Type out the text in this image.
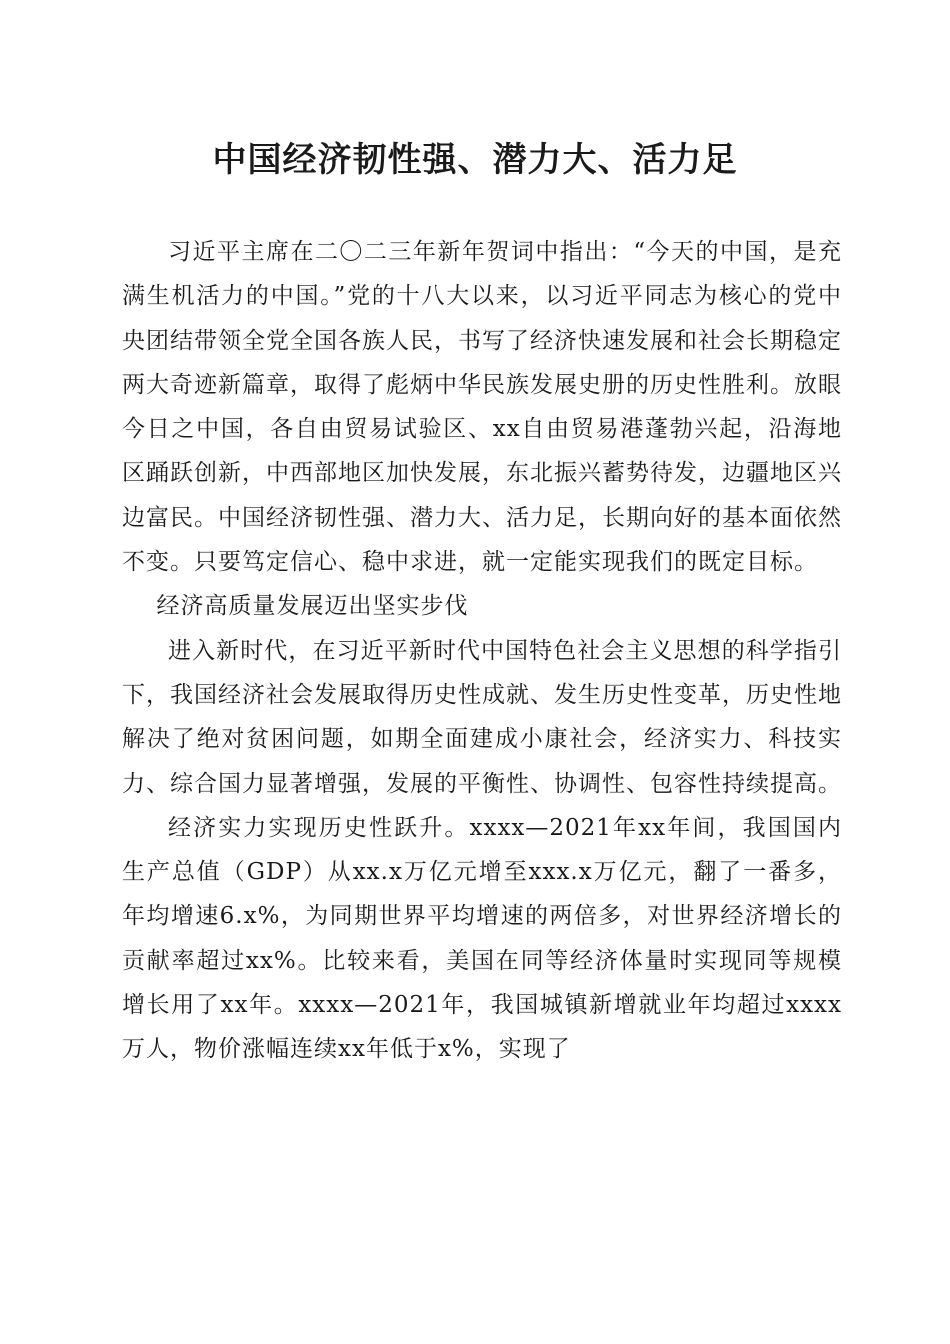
中国经济韧性强、潜力大、活力足

习近平主席在二〇二三年新年贺词中指出：“今天的中国，是充满生机活力的中国。”党的十八大以来，以习近平同志为核心的党中央团结带领全党全国各族人民，书写了经济快速发展和社会长期稳定两大奇迹新篇章，取得了彪炳中华民族发展史册的历史性胜利。放眼今日之中国，各自由贸易试验区、xx自由贸易港蓬勃兴起，沿海地区踊跃创新，中西部地区加快发展，东北振兴蓄势待发，边疆地区兴边富民。中国经济韧性强、潜力大、活力足，长期向好的基本面依然不变。只要笃定信心、稳中求进，就一定能实现我们的既定目标。

经济高质量发展迈出坚实步伐

进入新时代，在习近平新时代中国特色社会主义思想的科学指引下，我国经济社会发展取得历史性成就、发生历史性变革，历史性地解决了绝对贫困问题，如期全面建成小康社会，经济实力、科技实力、综合国力显著增强，发展的平衡性、协调性、包容性持续提高。

经济实力实现历史性跃升。xxxx—2021年xx年间，我国国内生产总值（GDP）从xx.x万亿元增至xxx.x万亿元，翻了一番多，年均增速6.x%，为同期世界平均增速的两倍多，对世界经济增长的贡献率超过xx%。比较来看，美国在同等经济体量时实现同等规模增长用了xx年。xxxx—2021年，我国城镇新增就业年均超过xxxx万人，物价涨幅连续xx年低于x%，实现了
